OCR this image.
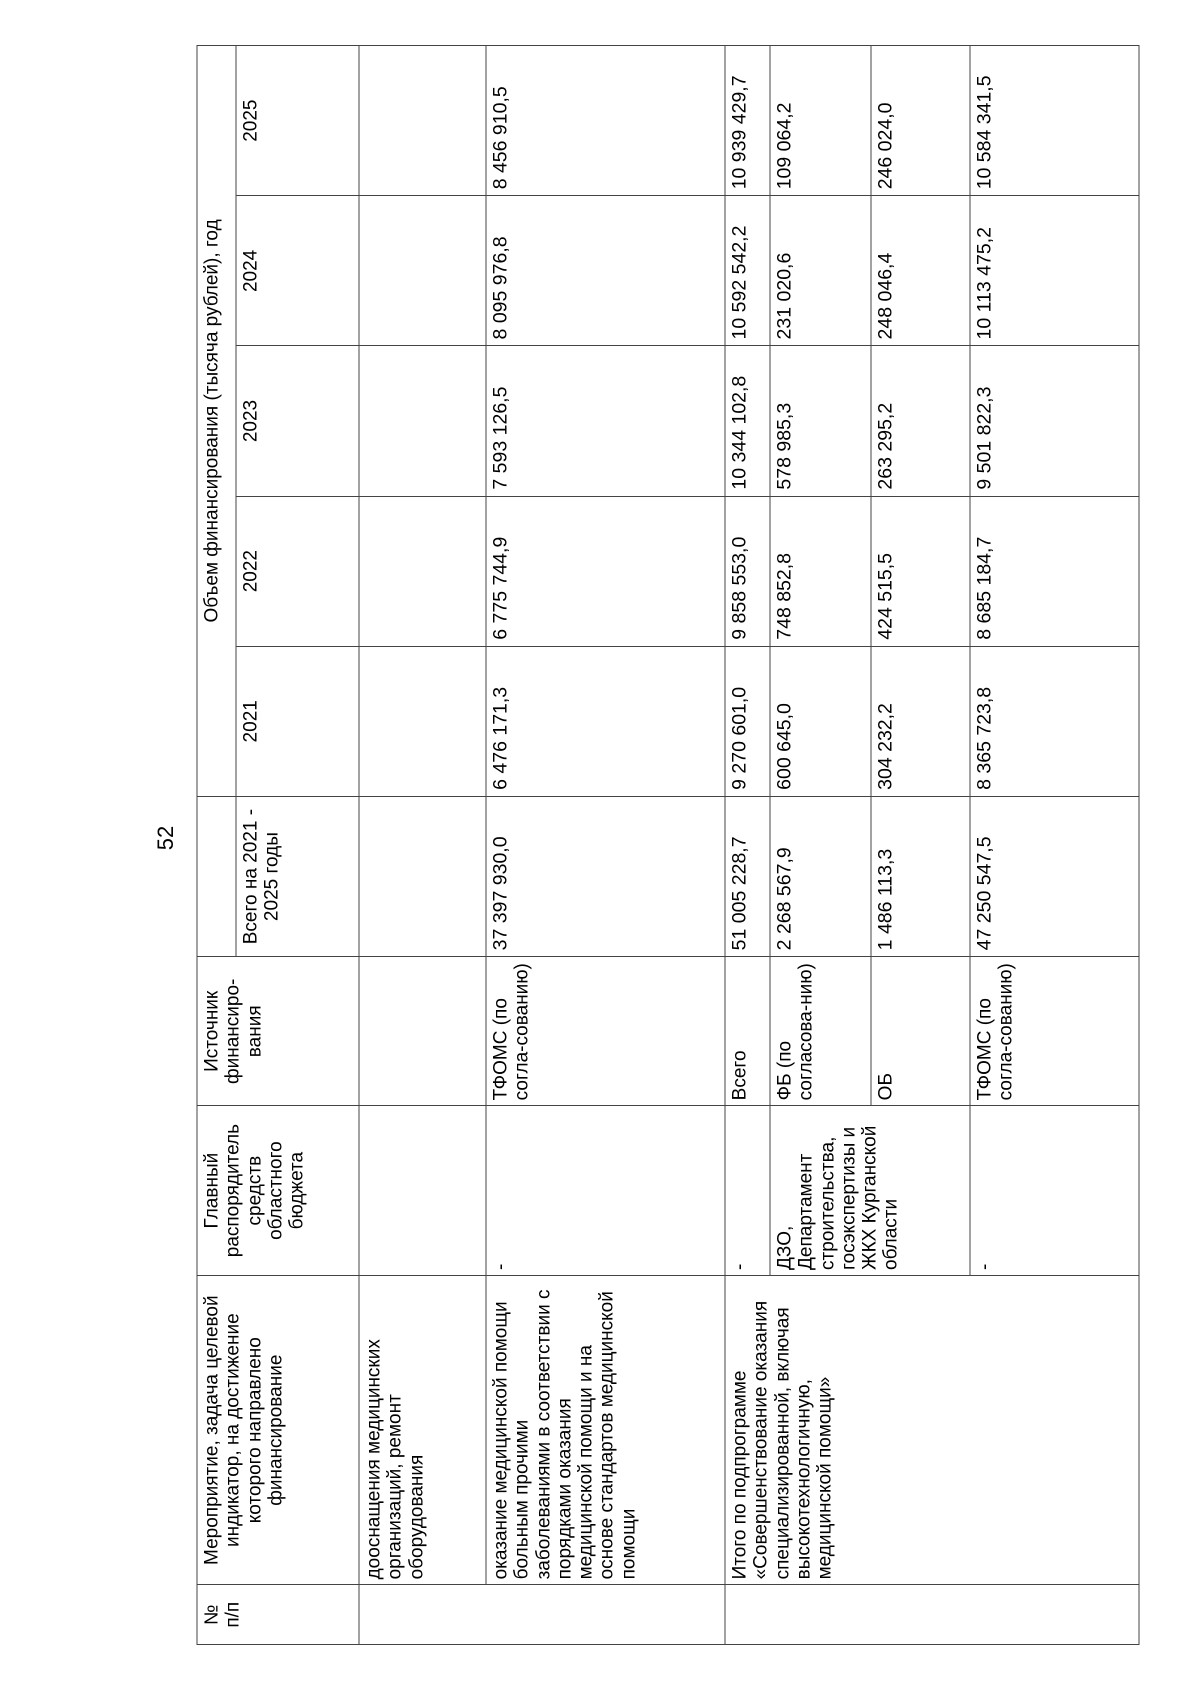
52
№
п/п	Мероприятие, задача целевой индикатор, на достижение которого направлено финансирование	Главный распорядитель средств областного бюджета	Источник финансиро-вания		Объем финансирования (тысяча рублей), год				
				Всего на 2021 - 2025 годы	2021	2022	2023	2024	2025
	дооснащения медицинских организаций, ремонт оборудования								
	оказание медицинской помощи больным прочими заболеваниями в соответствии с порядками оказания медицинской помощи и на основе стандартов медицинской помощи	-	ТФОМС (по согла-сованию)	37 397 930,0	6 476 171,3	6 775 744,9	7 593 126,5	8 095 976,8	8 456 910,5
	Итого по подпрограмме «Совершенствование оказания специализированной, включая высокотехнологичную, медицинской помощи»	-	Всего	51 005 228,7	9 270 601,0	9 858 553,0	10 344 102,8	10 592 542,2	10 939 429,7
		ДЗО, Департамент строительства, госэкспертизы и ЖКХ Курганской области	ФБ (по согласова-нию)	2 268 567,9	600 645,0	748 852,8	578 985,3	231 020,6	109 064,2
			ОБ	1 486 113,3	304 232,2	424 515,5	263 295,2	248 046,4	246 024,0
		-	ТФОМС (по согла-сованию)	47 250 547,5	8 365 723,8	8 685 184,7	9 501 822,3	10 113 475,2	10 584 341,5
